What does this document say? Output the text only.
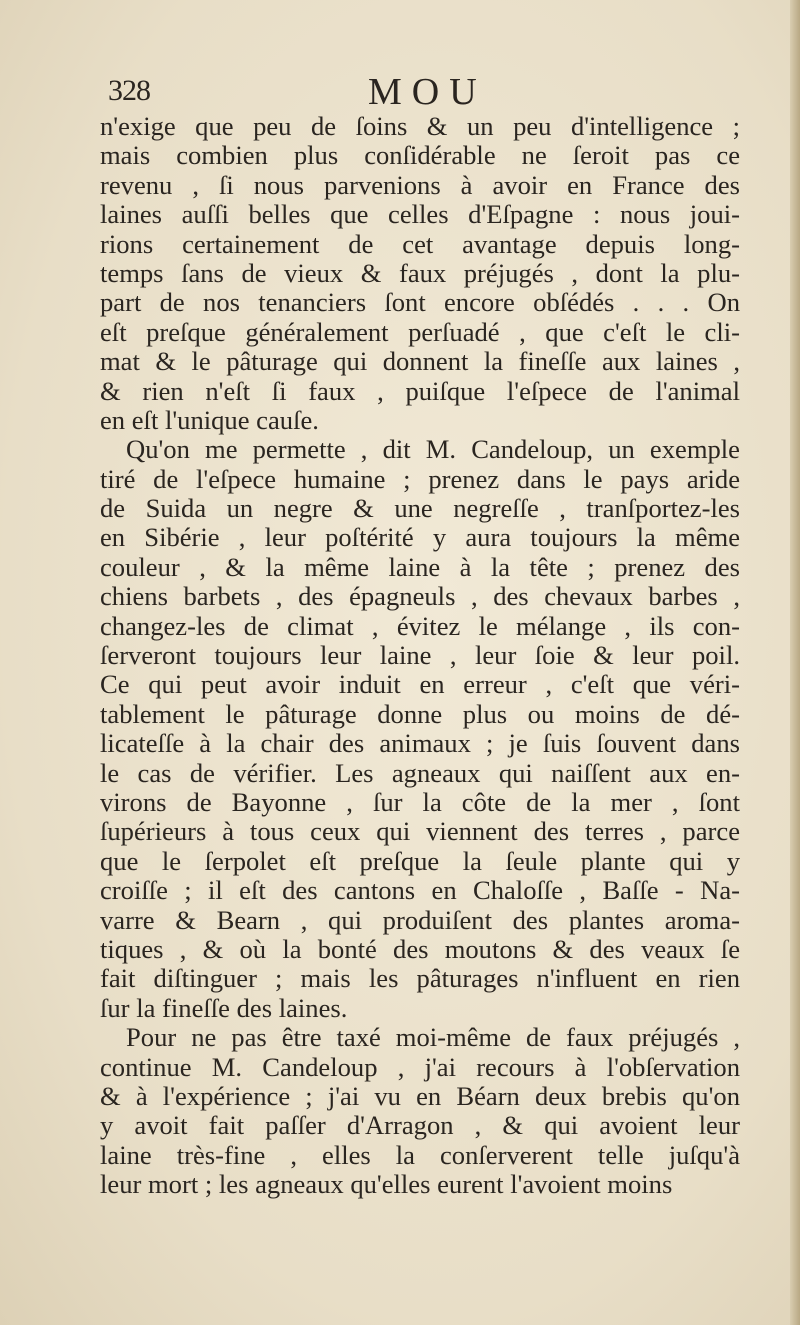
328	MOU
n'exige que peu de ſoins & un peu d'intelligence ;
mais combien plus conſidérable ne ſeroit pas ce
revenu , ſi nous parvenions à avoir en France des
laines auſſi belles que celles d'Eſpagne : nous joui-
rions certainement de cet avantage depuis long-
temps ſans de vieux & faux préjugés , dont la plu-
part de nos tenanciers ſont encore obſédés . . . On
eſt preſque généralement perſuadé , que c'eſt le cli-
mat & le pâturage qui donnent la fineſſe aux laines ,
& rien n'eſt ſi faux , puiſque l'eſpece de l'animal
en eſt l'unique cauſe.
Qu'on me permette , dit M. Candeloup, un exemple
tiré de l'eſpece humaine ; prenez dans le pays aride
de Suida un negre & une negreſſe , tranſportez-les
en Sibérie , leur poſtérité y aura toujours la même
couleur , & la même laine à la tête ; prenez des
chiens barbets , des épagneuls , des chevaux barbes ,
changez-les de climat , évitez le mélange , ils con-
ſerveront toujours leur laine , leur ſoie & leur poil.
Ce qui peut avoir induit en erreur , c'eſt que véri-
tablement le pâturage donne plus ou moins de dé-
licateſſe à la chair des animaux ; je ſuis ſouvent dans
le cas de vérifier. Les agneaux qui naiſſent aux en-
virons de Bayonne , ſur la côte de la mer , ſont
ſupérieurs à tous ceux qui viennent des terres , parce
que le ſerpolet eſt preſque la ſeule plante qui y
croiſſe ; il eſt des cantons en Chaloſſe , Baſſe - Na-
varre & Bearn , qui produiſent des plantes aroma-
tiques , & où la bonté des moutons & des veaux ſe
fait diſtinguer ; mais les pâturages n'influent en rien
ſur la fineſſe des laines.
Pour ne pas être taxé moi-même de faux préjugés ,
continue M. Candeloup , j'ai recours à l'obſervation
& à l'expérience ; j'ai vu en Béarn deux brebis qu'on
y avoit fait paſſer d'Arragon , & qui avoient leur
laine très-fine , elles la conſerverent telle juſqu'à
leur mort ; les agneaux qu'elles eurent l'avoient moins
